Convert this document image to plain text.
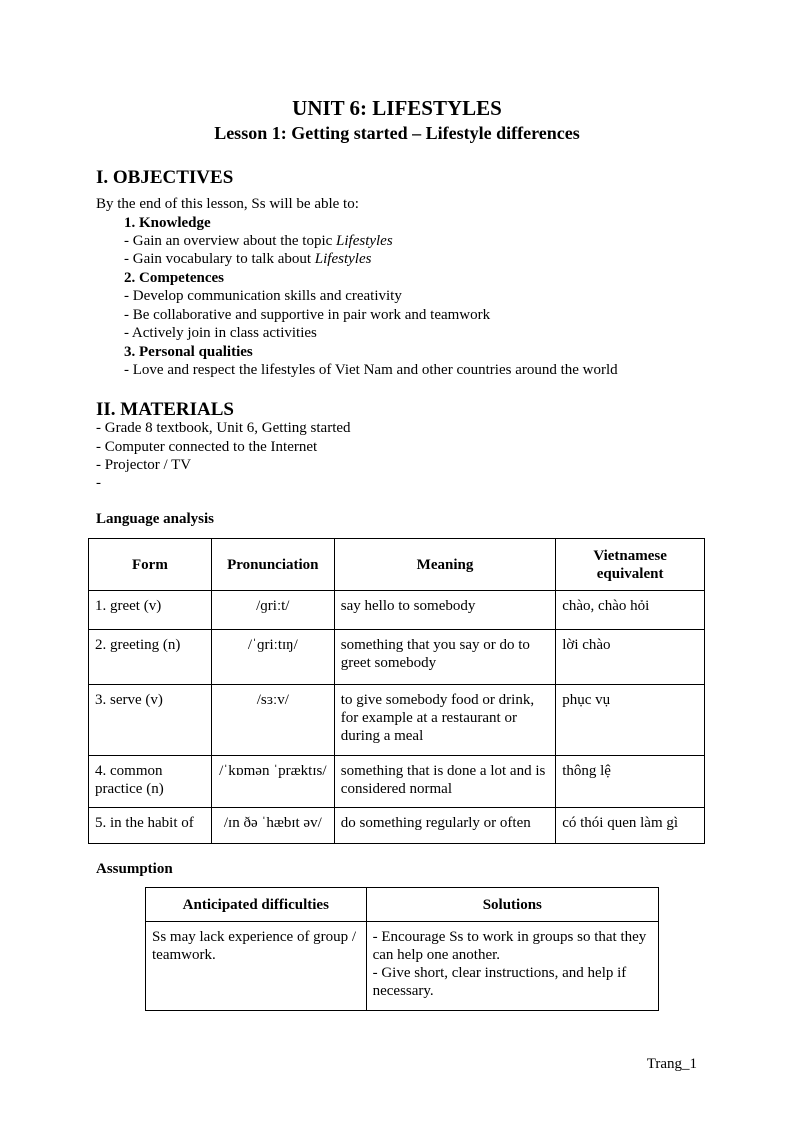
UNIT 6: LIFESTYLES
Lesson 1: Getting started – Lifestyle differences
I. OBJECTIVES
By the end of this lesson, Ss will be able to:
1. Knowledge
- Gain an overview about the topic Lifestyles
- Gain vocabulary to talk about Lifestyles
2. Competences
- Develop communication skills and creativity
- Be collaborative and supportive in pair work and teamwork
- Actively join in class activities
3. Personal qualities
- Love and respect the lifestyles of Viet Nam and other countries around the world
II. MATERIALS
- Grade 8 textbook, Unit 6, Getting started
- Computer connected to the Internet
- Projector / TV
-
Language analysis
Form	Pronunciation	Meaning	Vietnamese equivalent
1. greet (v)	/ɡriːt/	say hello to somebody	chào, chào hỏi
2. greeting (n)	/ˈɡriːtɪŋ/	something that you say or do to greet somebody	lời chào
3. serve (v)	/sɜːv/	to give somebody food or drink, for example at a restaurant or during a meal	phục vụ
4. common practice (n)	/ˈkɒmən ˈpræktɪs/	something that is done a lot and is considered normal	thông lệ
5. in the habit of	/ɪn ðə ˈhæbɪt əv/	do something regularly or often	có thói quen làm gì
Assumption
Anticipated difficulties	Solutions
Ss may lack experience of group / teamwork.	- Encourage Ss to work in groups so that they can help one another.
- Give short, clear instructions, and help if necessary.
Trang_1
